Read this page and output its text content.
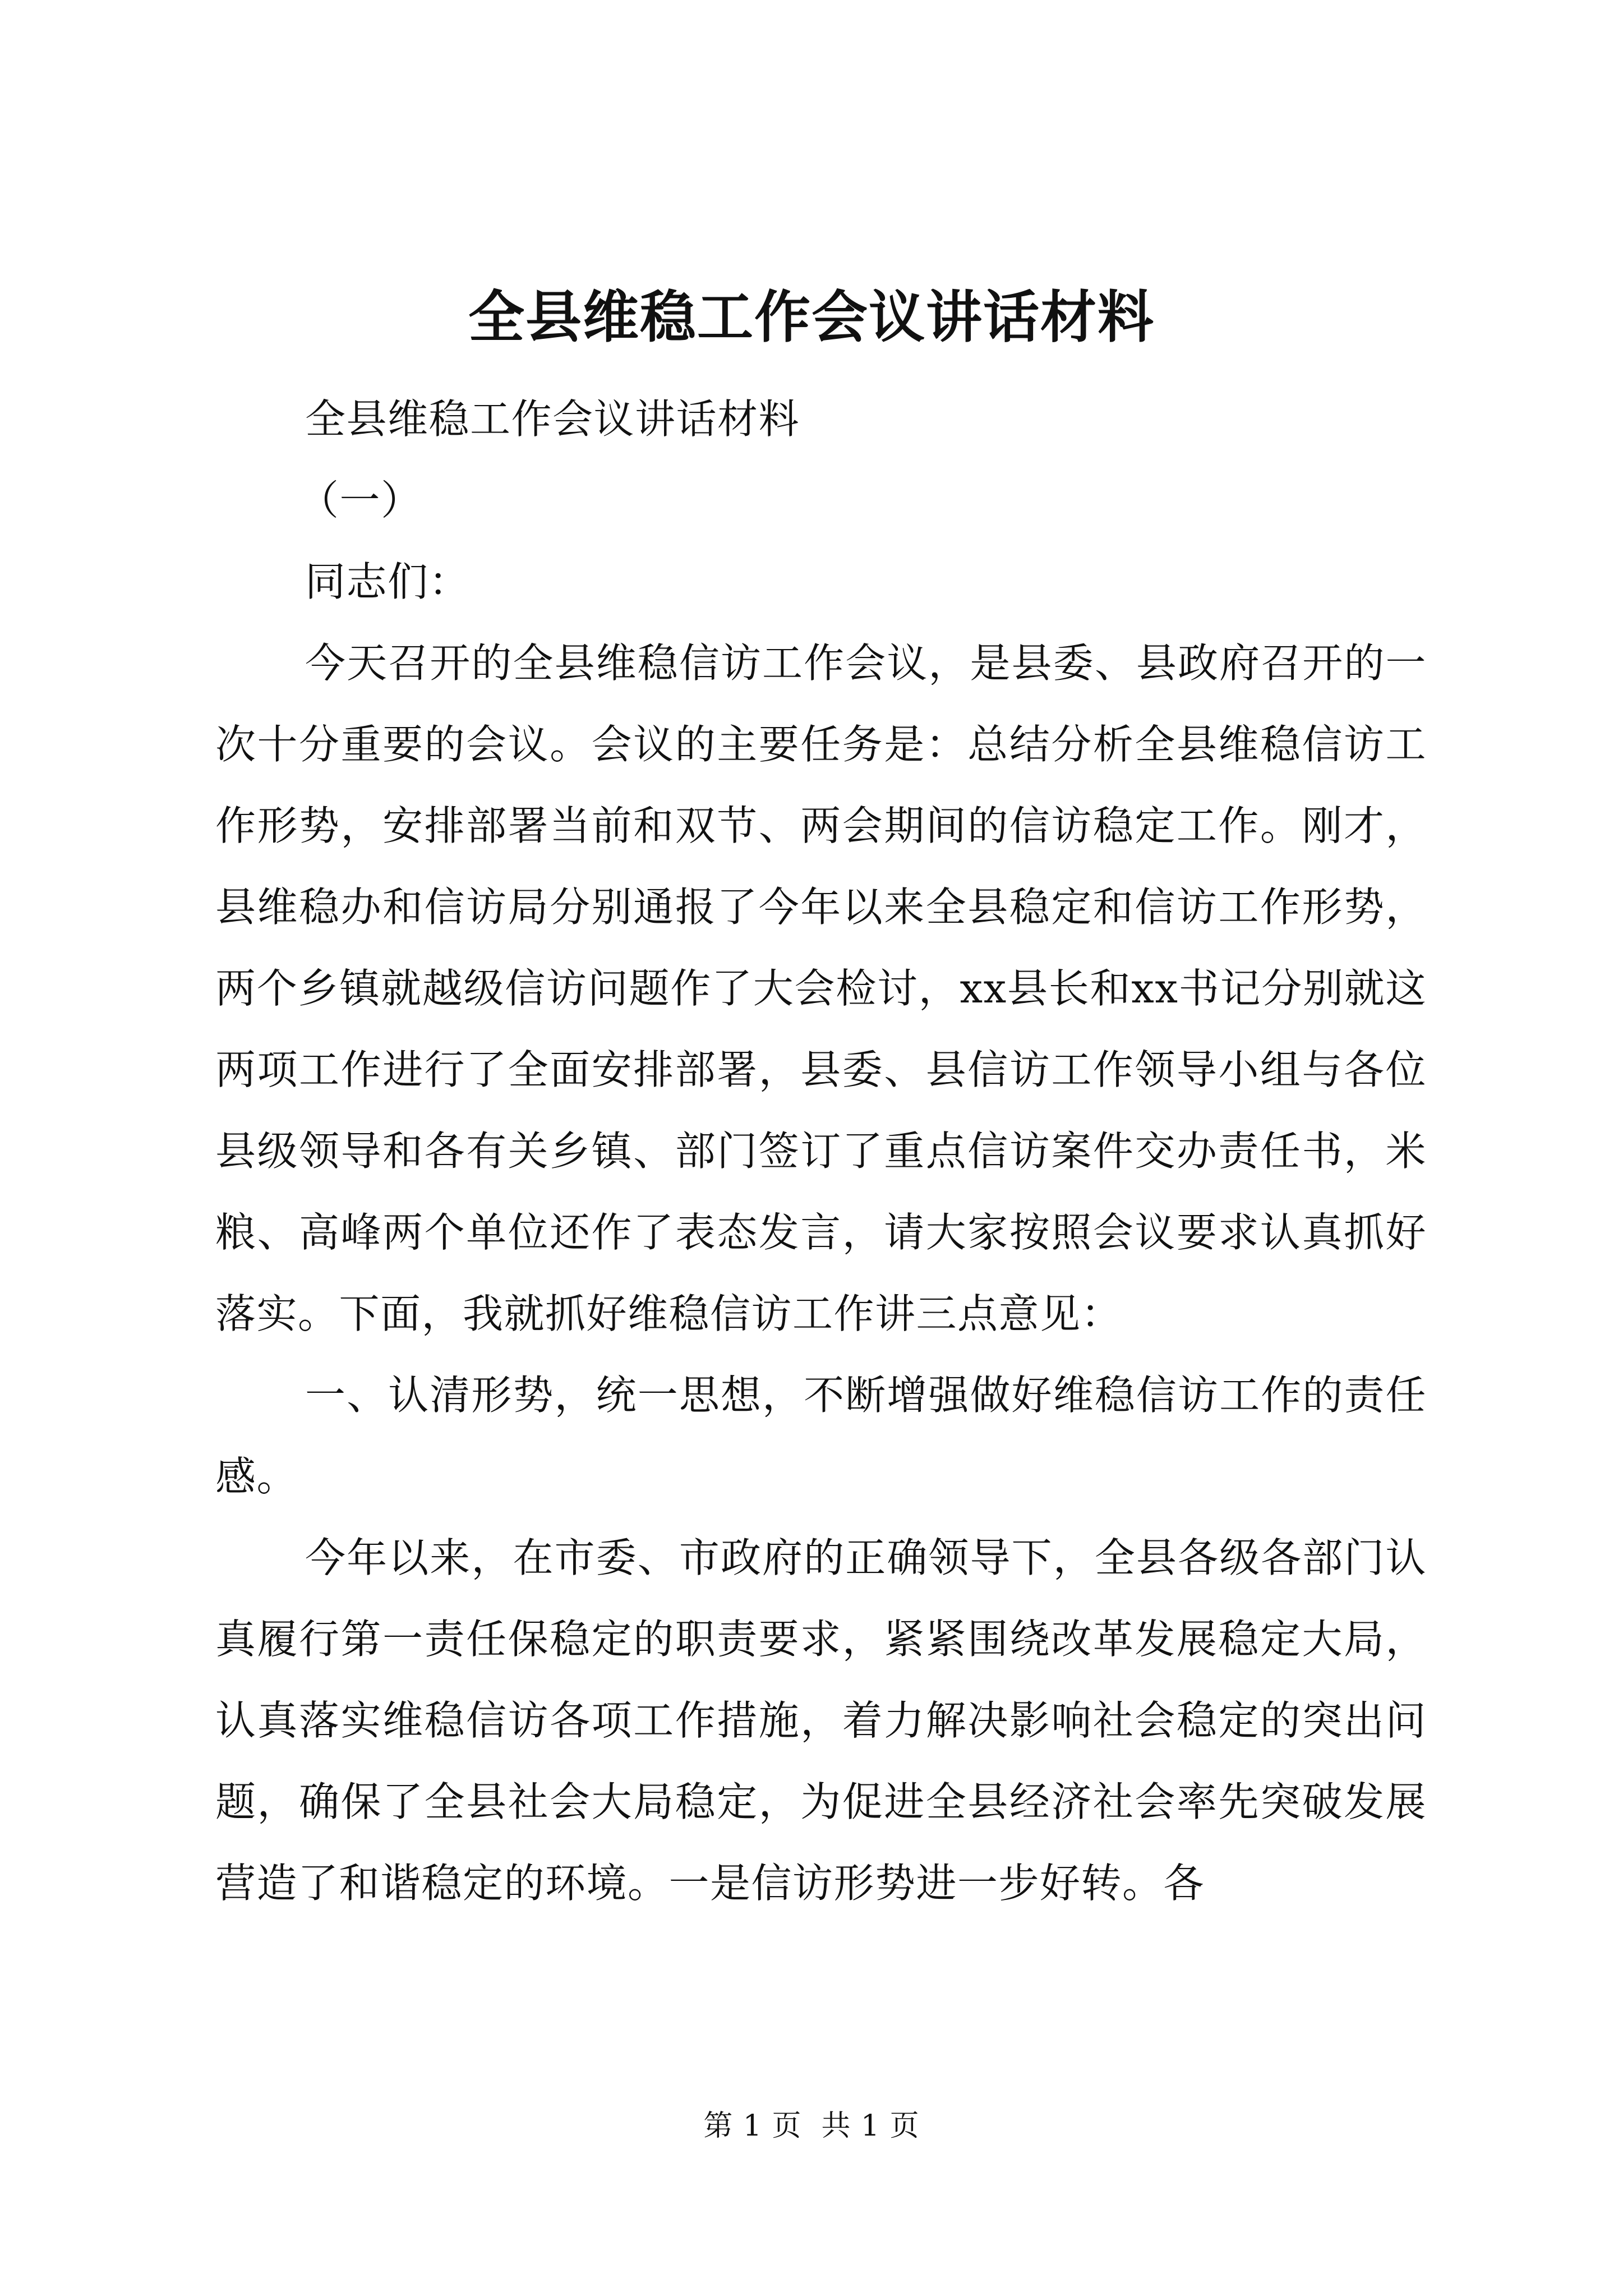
全县维稳工作会议讲话材料

全县维稳工作会议讲话材料

（一）

同志们：

今天召开的全县维稳信访工作会议，是县委、县政府召开的一次十分重要的会议。会议的主要任务是：总结分析全县维稳信访工作形势，安排部署当前和双节、两会期间的信访稳定工作。刚才，县维稳办和信访局分别通报了今年以来全县稳定和信访工作形势，两个乡镇就越级信访问题作了大会检讨，xx县长和xx书记分别就这两项工作进行了全面安排部署，县委、县信访工作领导小组与各位县级领导和各有关乡镇、部门签订了重点信访案件交办责任书，米粮、高峰两个单位还作了表态发言，请大家按照会议要求认真抓好落实。下面，我就抓好维稳信访工作讲三点意见：

一、认清形势，统一思想，不断增强做好维稳信访工作的责任感。

今年以来，在市委、市政府的正确领导下，全县各级各部门认真履行第一责任保稳定的职责要求，紧紧围绕改革发展稳定大局，认真落实维稳信访各项工作措施，着力解决影响社会稳定的突出问题，确保了全县社会大局稳定，为促进全县经济社会率先突破发展营造了和谐稳定的环境。一是信访形势进一步好转。各

第 1 页  共 1 页
